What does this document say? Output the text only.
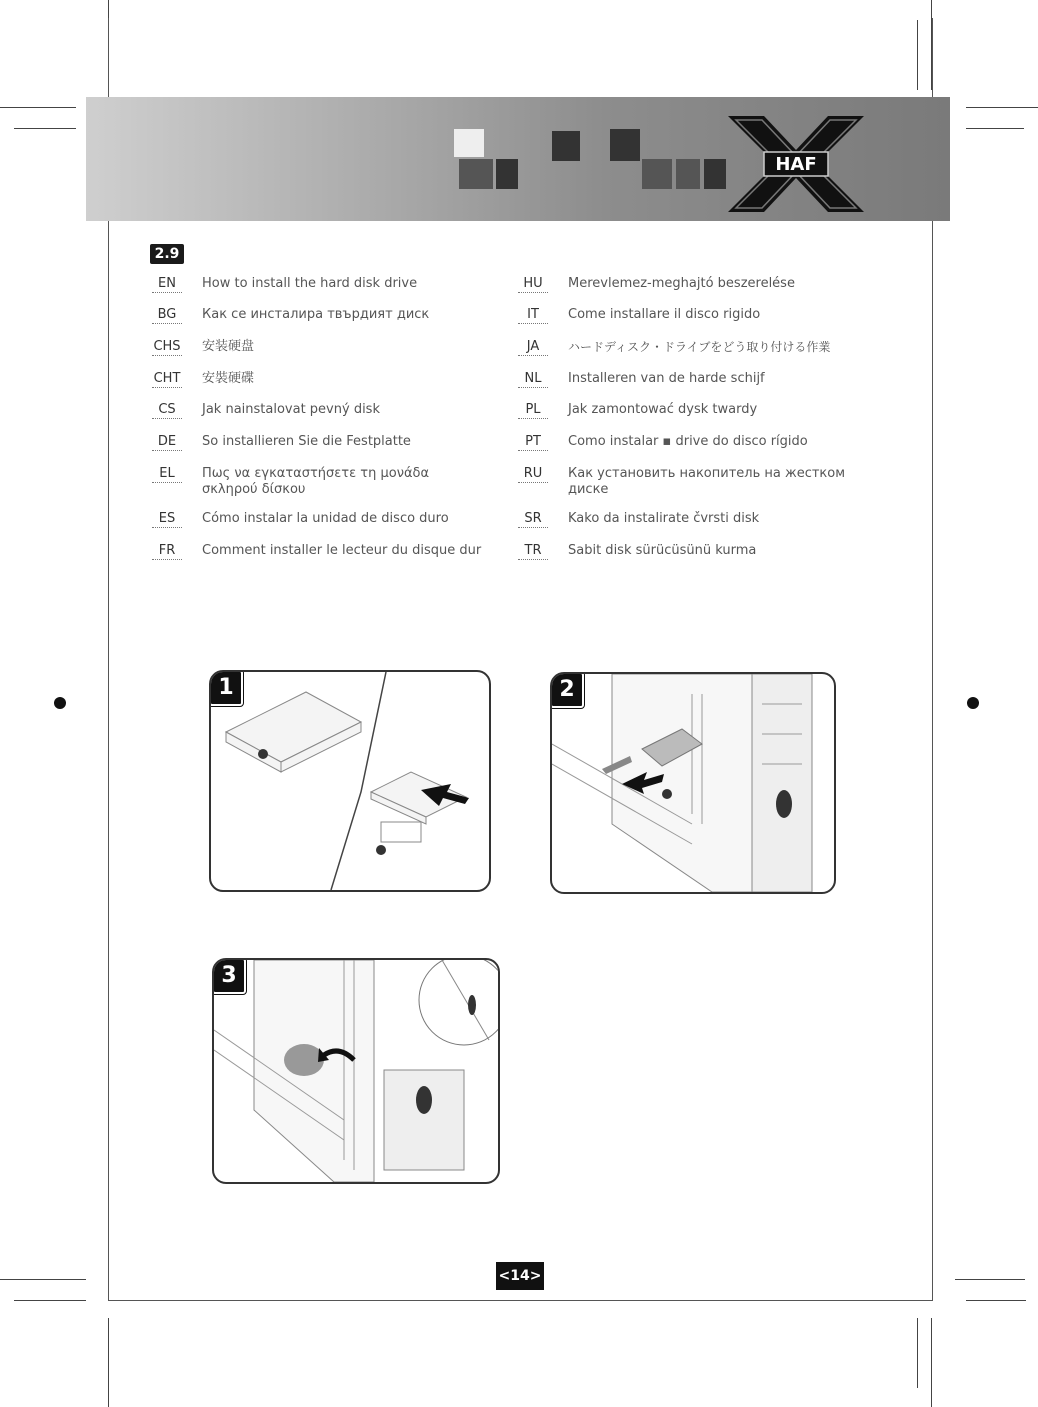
HAF
2.9
EN	How to install the hard disk drive
BG	Как се инсталира твърдият диск
CHS 安装硬盘
CHT 安裝硬碟
CS	Jak nainstalovat pevný disk
DE	So installieren Sie die Festplatte
EL	Πως να εγκαταστήσετε τη μονάδα σκληρού δίσκου
ES	Cómo instalar la unidad de disco duro
FR	Comment installer le lecteur du disque dur
HU	Merevlemez-meghajtó beszerelése
IT	Come installare il disco rigido
JA	ハードディスク・ドライブをどう取り付ける作業
NL	Installeren van de harde schijf
PL	Jak zamontować dysk twardy
PT	Como instalar ▪ drive do disco rígido
RU	Как установить накопитель на жестком диске
SR	Kako da instalirate čvrsti disk
TR	Sabit disk sürücüsünü kurma
1	2
3
<14>
